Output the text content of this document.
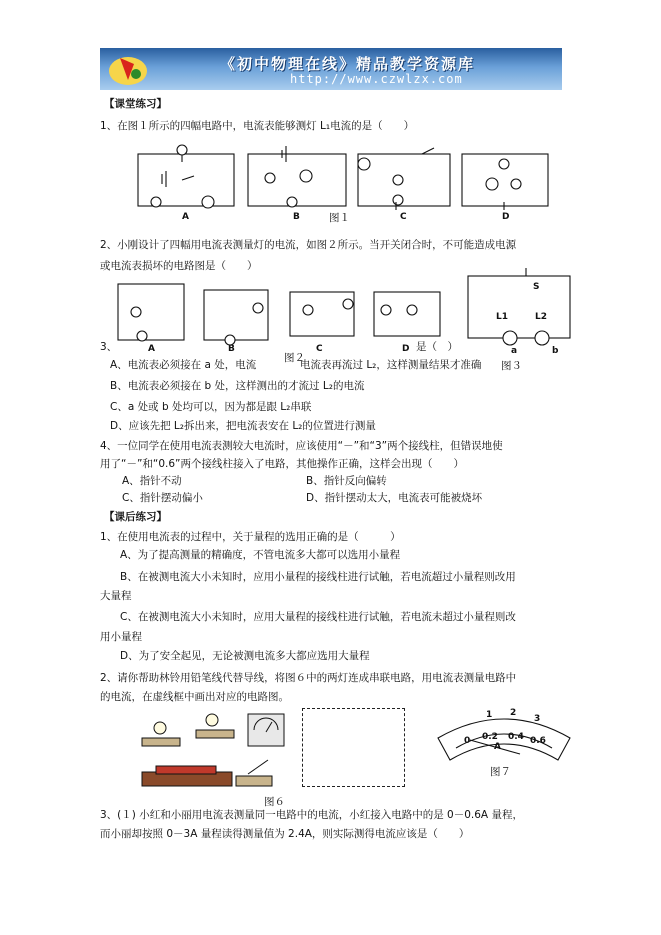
《初中物理在线》精品教学资源库
http://www.czwlzx.com
【课堂练习】
1、在图１所示的四幅电路中，电流表能够测灯 L₁电流的是（　　）
A	B	C	D
图１
2、小刚设计了四幅用电流表测量灯的电流，如图２所示。当开关闭合时，不可能造成电源
或电流表损坏的电路图是（　　）
A	B	C	D
图２
S
L1	L2
a	b
图３
3、	是（　）
A、电流表必须接在 a 处，电流	电流表再流过 L₂，这样测量结果才准确
B、电流表必须接在 b 处，这样测出的才流过 L₂的电流
C、a 处或 b 处均可以，因为都是跟 L₂串联
D、应该先把 L₂拆出来，把电流表安在 L₂的位置进行测量
4、一位同学在使用电流表测较大电流时，应该使用“－”和“3”两个接线柱，但错误地使
用了“－”和“0.6”两个接线柱接入了电路，其他操作正确，这样会出现（　　）
A、指针不动	B、指针反向偏转
C、指针摆动偏小	D、指针摆动太大，电流表可能被烧坏
【课后练习】
1、在使用电流表的过程中，关于量程的选用正确的是（　　　）
A、为了提高测量的精确度，不管电流多大都可以选用小量程
B、在被测电流大小未知时，应用小量程的接线柱进行试触，若电流超过小量程则改用
大量程
C、在被测电流大小未知时，应用大量程的接线柱进行试触，若电流未超过小量程则改
用小量程
D、为了安全起见，无论被测电流多大都应选用大量程
2、请你帮助林铃用铅笔线代替导线，将图６中的两灯连成串联电路，用电流表测量电路中
的电流，在虚线框中画出对应的电路图。
图６
1 2
3
0 0.2 0.4 0.6
A
图７
3、(１) 小红和小丽用电流表测量同一电路中的电流，小红接入电路中的是 0－0.6A 量程，
而小丽却按照 0－3A 量程读得测量值为 2.4A，则实际测得电流应该是（　　）
